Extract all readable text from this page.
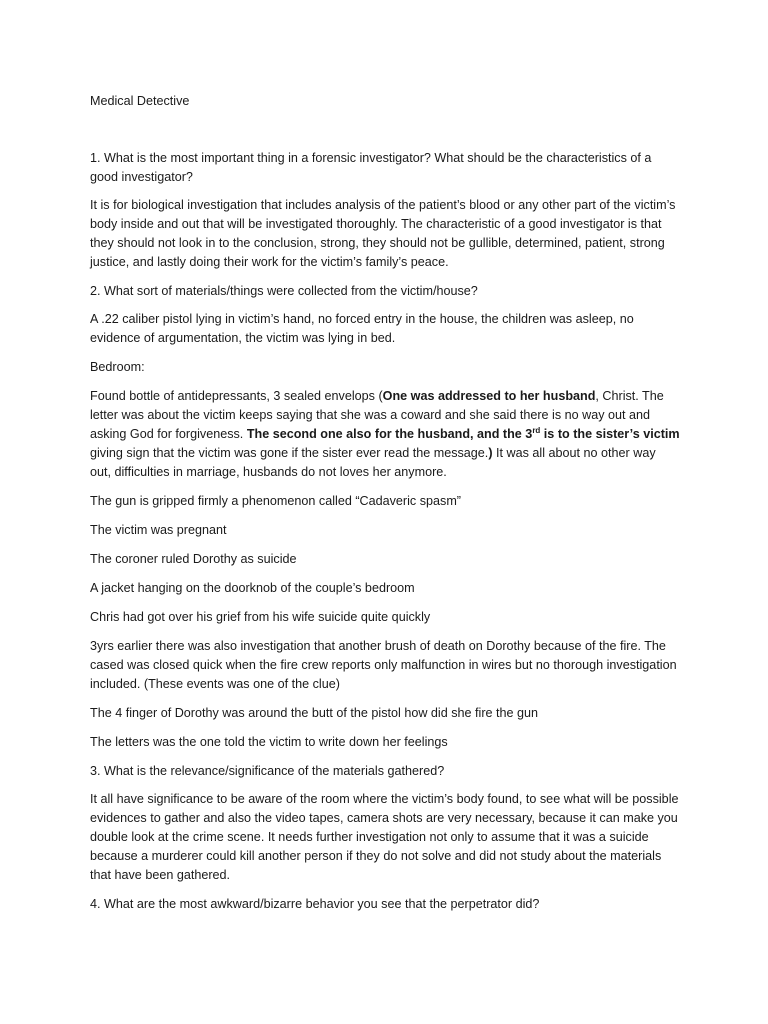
Medical Detective

1. What is the most important thing in a forensic investigator? What should be the characteristics of a good investigator?

It is for biological investigation that includes analysis of the patient’s blood or any other part of the victim’s body inside and out that will be investigated thoroughly. The characteristic of a good investigator is that they should not look in to the conclusion, strong, they should not be gullible, determined, patient, strong justice, and lastly doing their work for the victim’s family’s peace.

2. What sort of materials/things were collected from the victim/house?

A .22 caliber pistol lying in victim’s hand, no forced entry in the house, the children was asleep, no evidence of argumentation, the victim was lying in bed.

Bedroom:

Found bottle of antidepressants, 3 sealed envelops (One was addressed to her husband, Christ. The letter was about the victim keeps saying that she was a coward and she said there is no way out and asking God for forgiveness. The second one also for the husband, and the 3rd is to the sister’s victim giving sign that the victim was gone if the sister ever read the message.) It was all about no other way out, difficulties in marriage, husbands do not loves her anymore.

The gun is gripped firmly a phenomenon called “Cadaveric spasm”

The victim was pregnant

The coroner ruled Dorothy as suicide

A jacket hanging on the doorknob of the couple’s bedroom

Chris had got over his grief from his wife suicide quite quickly

3yrs earlier there was also investigation that another brush of death on Dorothy because of the fire. The cased was closed quick when the fire crew reports only malfunction in wires but no thorough investigation included. (These events was one of the clue)

The 4 finger of Dorothy was around the butt of the pistol how did she fire the gun

The letters was the one told the victim to write down her feelings

3. What is the relevance/significance of the materials gathered?

It all have significance to be aware of the room where the victim’s body found, to see what will be possible evidences to gather and also the video tapes, camera shots are very necessary, because it can make you double look at the crime scene. It needs further investigation not only to assume that it was a suicide because a murderer could kill another person if they do not solve and did not study about the materials that have been gathered.

4. What are the most awkward/bizarre behavior you see that the perpetrator did?
